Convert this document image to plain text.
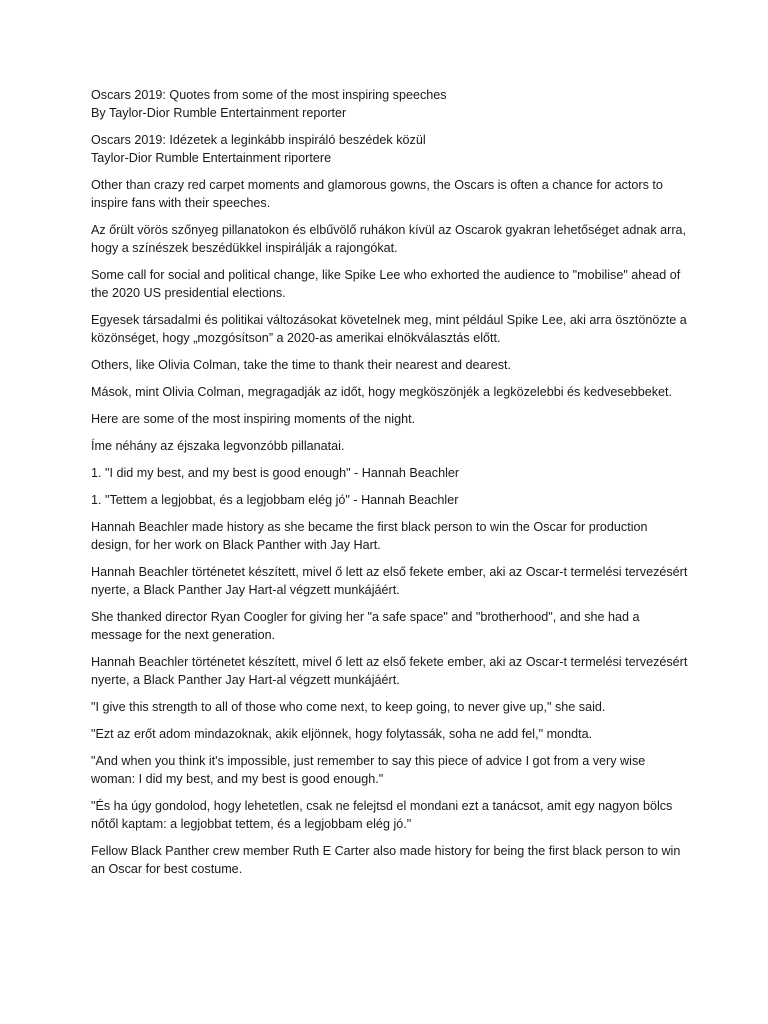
Oscars 2019: Quotes from some of the most inspiring speeches

By Taylor-Dior Rumble Entertainment reporter

Oscars 2019: Idézetek a leginkább inspiráló beszédek közül

Taylor-Dior Rumble Entertainment riportere

Other than crazy red carpet moments and glamorous gowns, the Oscars is often a chance for actors to inspire fans with their speeches.

Az őrült vörös szőnyeg pillanatokon és elbűvölő ruhákon kívül az Oscarok gyakran lehetőséget adnak arra, hogy a színészek beszédükkel inspirálják a rajongókat.

Some call for social and political change, like Spike Lee who exhorted the audience to "mobilise" ahead of the 2020 US presidential elections.

Egyesek társadalmi és politikai változásokat követelnek meg, mint például Spike Lee, aki arra ösztönözte a közönséget, hogy „mozgósítson” a 2020-as amerikai elnökválasztás előtt.

Others, like Olivia Colman, take the time to thank their nearest and dearest.

Mások, mint Olivia Colman, megragadják az időt, hogy megköszönjék a legközelebbi és kedvesebbeket.

Here are some of the most inspiring moments of the night.

Íme néhány az éjszaka legvonzóbb pillanatai.

1. "I did my best, and my best is good enough" - Hannah Beachler

1. "Tettem a legjobbat, és a legjobbam elég jó" - Hannah Beachler

Hannah Beachler made history as she became the first black person to win the Oscar for production design, for her work on Black Panther with Jay Hart.

Hannah Beachler történetet készített, mivel ő lett az első fekete ember, aki az Oscar-t termelési tervezésért nyerte, a Black Panther Jay Hart-al végzett munkájáért.

She thanked director Ryan Coogler for giving her "a safe space" and "brotherhood", and she had a message for the next generation.

Hannah Beachler történetet készített, mivel ő lett az első fekete ember, aki az Oscar-t termelési tervezésért nyerte, a Black Panther Jay Hart-al végzett munkájáért.

"I give this strength to all of those who come next, to keep going, to never give up," she said.

"Ezt az erőt adom mindazoknak, akik eljönnek, hogy folytassák, soha ne add fel," mondta.

"And when you think it's impossible, just remember to say this piece of advice I got from a very wise woman: I did my best, and my best is good enough."

"És ha úgy gondolod, hogy lehetetlen, csak ne felejtsd el mondani ezt a tanácsot, amit egy nagyon bölcs nőtől kaptam: a legjobbat tettem, és a legjobbam elég jó."

Fellow Black Panther crew member Ruth E Carter also made history for being the first black person to win an Oscar for best costume.
